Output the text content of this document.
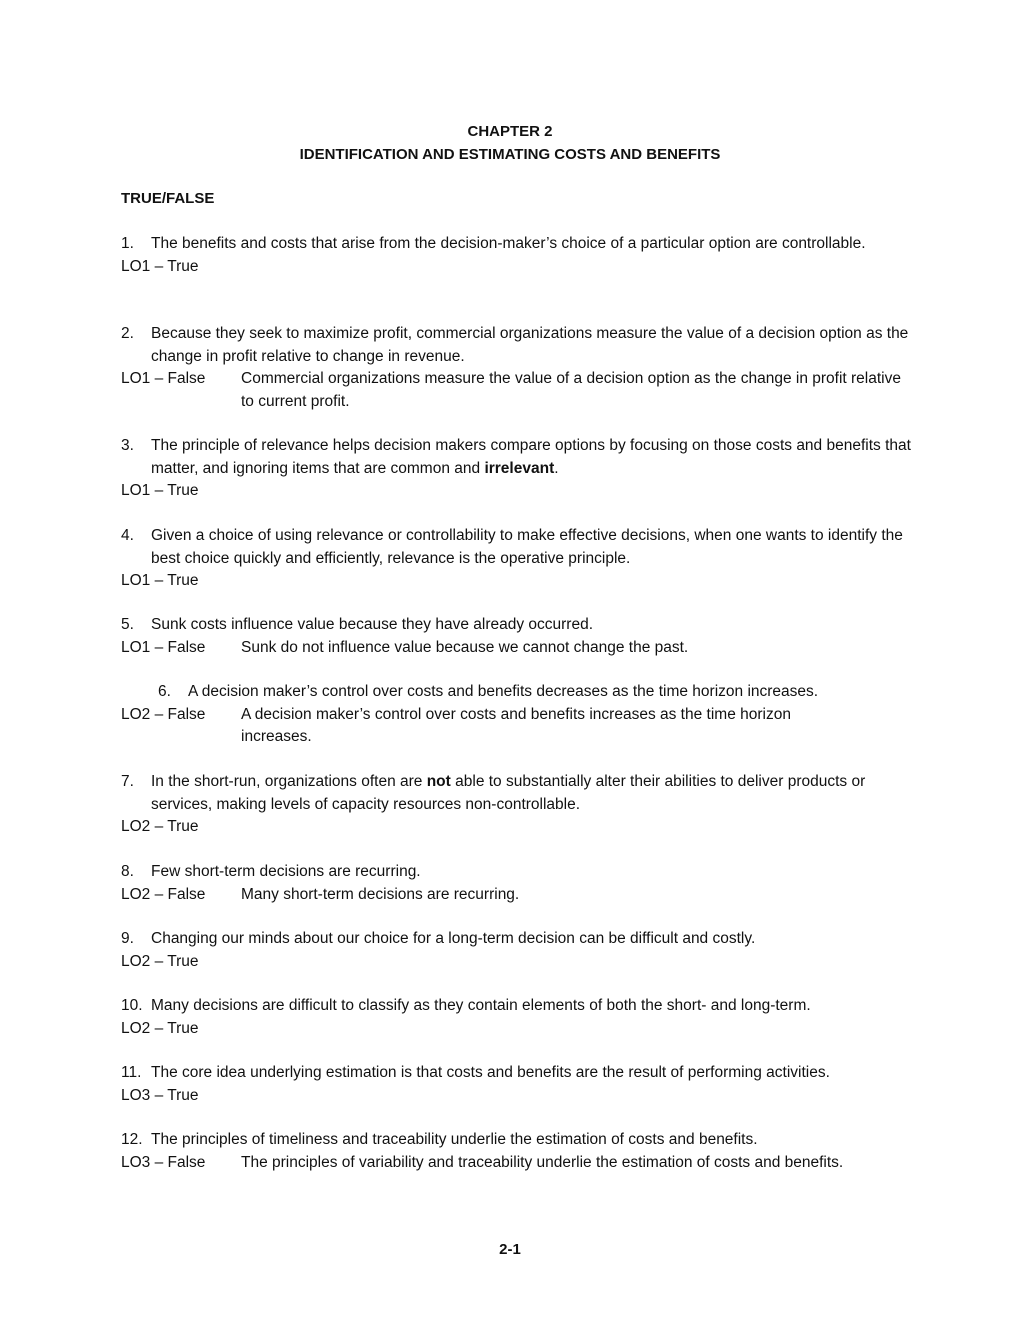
CHAPTER 2
IDENTIFICATION AND ESTIMATING COSTS AND BENEFITS
TRUE/FALSE
1. The benefits and costs that arise from the decision-maker’s choice of a particular option are controllable.
LO1 – True
2. Because they seek to maximize profit, commercial organizations measure the value of a decision option as the change in profit relative to change in revenue.
LO1 – False Commercial organizations measure the value of a decision option as the change in profit relative to current profit.
3. The principle of relevance helps decision makers compare options by focusing on those costs and benefits that matter, and ignoring items that are common and irrelevant.
LO1 – True
4. Given a choice of using relevance or controllability to make effective decisions, when one wants to identify the best choice quickly and efficiently, relevance is the operative principle.
LO1 – True
5. Sunk costs influence value because they have already occurred.
LO1 – False Sunk do not influence value because we cannot change the past.
6. A decision maker’s control over costs and benefits decreases as the time horizon increases.
LO2 – False A decision maker’s control over costs and benefits increases as the time horizon increases.
7. In the short-run, organizations often are not able to substantially alter their abilities to deliver products or services, making levels of capacity resources non-controllable.
LO2 – True
8. Few short-term decisions are recurring.
LO2 – False Many short-term decisions are recurring.
9. Changing our minds about our choice for a long-term decision can be difficult and costly.
LO2 – True
10. Many decisions are difficult to classify as they contain elements of both the short- and long-term.
LO2 – True
11. The core idea underlying estimation is that costs and benefits are the result of performing activities.
LO3 – True
12. The principles of timeliness and traceability underlie the estimation of costs and benefits.
LO3 – False The principles of variability and traceability underlie the estimation of costs and benefits.
2-1
